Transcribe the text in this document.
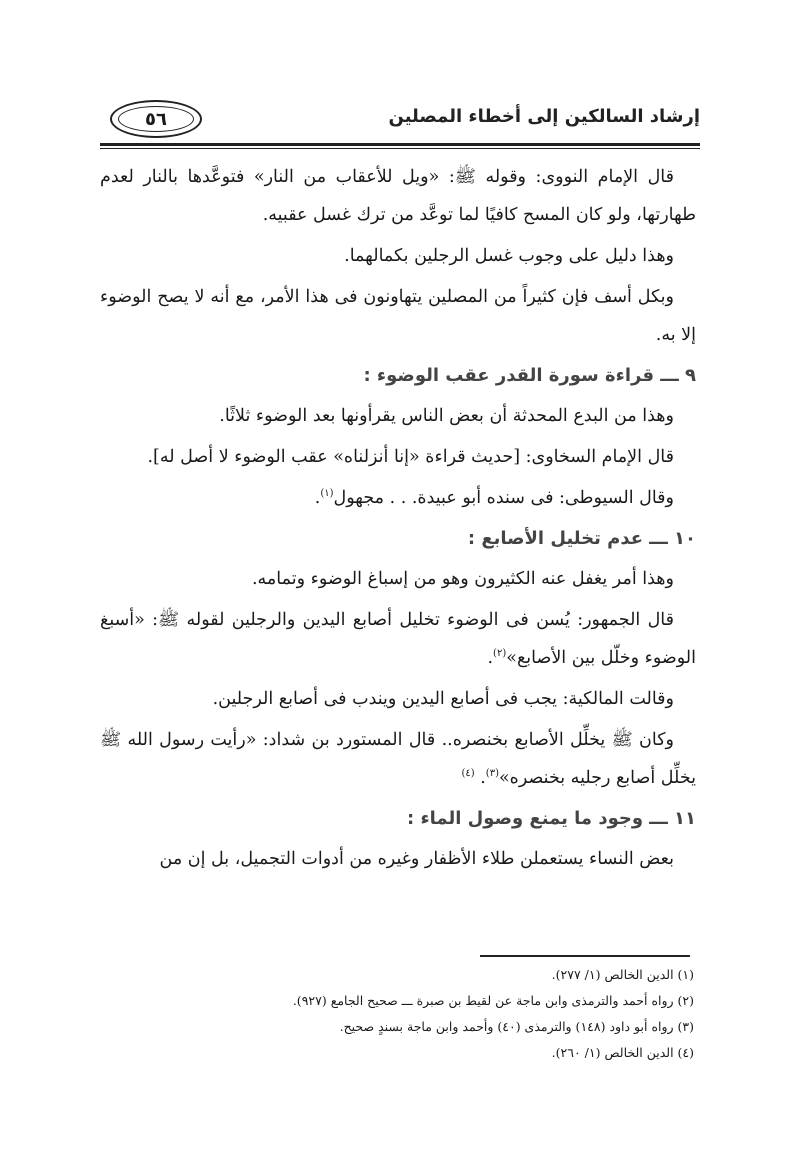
إرشاد السالكين إلى أخطاء المصلين
٥٦

قال الإمام النووى: وقوله ﷺ: «ويل للأعقاب من النار» فتوعَّدها بالنار لعدم طهارتها، ولو كان المسح كافيًا لما توعَّد من ترك غسل عقبيه.

وهذا دليل على وجوب غسل الرجلين بكمالهما.

وبكل أسف فإن كثيراً من المصلين يتهاونون فى هذا الأمر، مع أنه لا يصح الوضوء إلا به.

٩ ـــ قراءة سورة القدر عقب الوضوء :

وهذا من البدع المحدثة أن بعض الناس يقرأونها بعد الوضوء ثلاثًا.

قال الإمام السخاوى: [حديث قراءة «إنا أنزلناه» عقب الوضوء لا أصل له].

وقال السيوطى: فى سنده أبو عبيدة. . . مجهول$^{(١)}$.

١٠ ـــ عدم تخليل الأصابع :

وهذا أمر يغفل عنه الكثيرون وهو من إسباغ الوضوء وتمامه.

قال الجمهور: يُسن فى الوضوء تخليل أصابع اليدين والرجلين لقوله ﷺ: «أسبغ الوضوء وخلّل بين الأصابع»$^{(٢)}$.

وقالت المالكية: يجب فى أصابع اليدين ويندب فى أصابع الرجلين.

وكان ﷺ يخلِّل الأصابع بخنصره.. قال المستورد بن شداد: «رأيت رسول الله ﷺ يخلِّل أصابع رجليه بخنصره»$^{(٣)}$. $^{(٤)}$

١١ ـــ وجود ما يمنع وصول الماء :

بعض النساء يستعملن طلاء الأظفار وغيره من أدوات التجميل، بل إن من

(١) الدين الخالص (١/ ٢٧٧).

(٢) رواه أحمد والترمذى وابن ماجة عن لقيط بن صبرة ـــ صحيح الجامع (٩٢٧).

(٣) رواه أبو داود (١٤٨) والترمذى (٤٠) وأحمد وابن ماجة بسندٍ صحيح.

(٤) الدين الخالص (١/ ٢٦٠).
